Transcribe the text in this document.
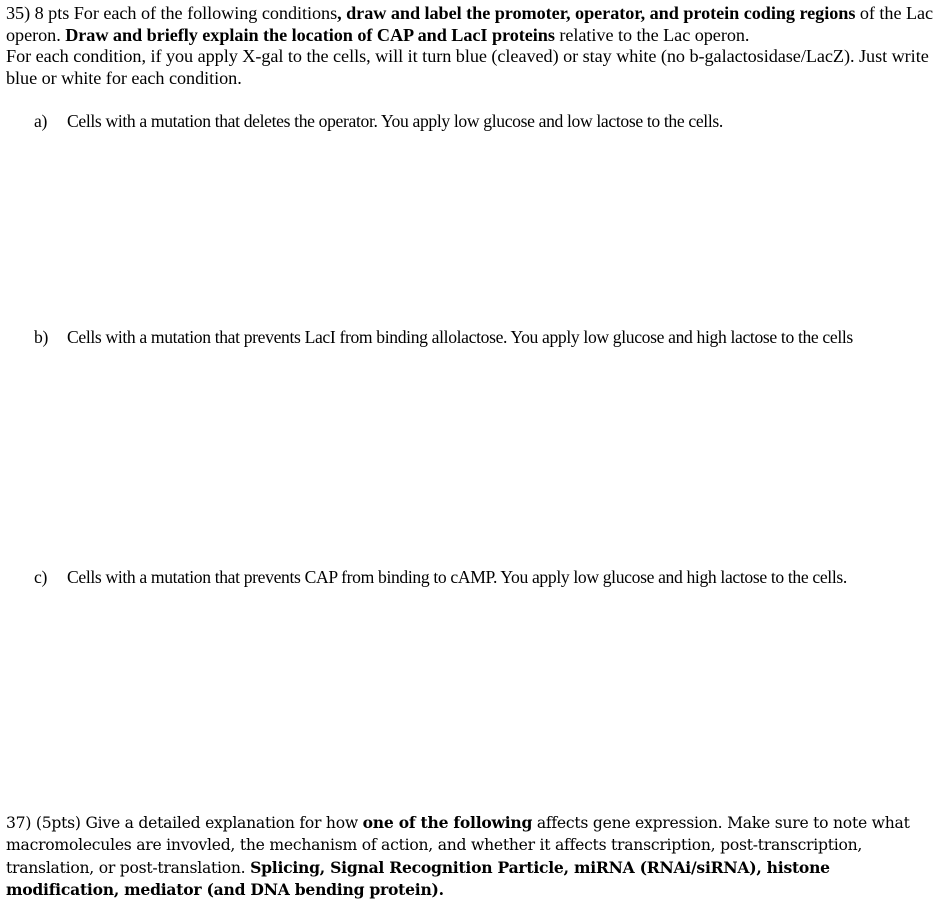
35) 8 pts For each of the following conditions, draw and label the promoter, operator, and protein coding regions of the Lac operon. Draw and briefly explain the location of CAP and LacI proteins relative to the Lac operon.

For each condition, if you apply X-gal to the cells, will it turn blue (cleaved) or stay white (no b-galactosidase/LacZ). Just write blue or white for each condition.

a)	Cells with a mutation that deletes the operator. You apply low glucose and low lactose to the cells.
b)	Cells with a mutation that prevents LacI from binding allolactose. You apply low glucose and high lactose to the cells
c)	Cells with a mutation that prevents CAP from binding to cAMP. You apply low glucose and high lactose to the cells.

37) (5pts) Give a detailed explanation for how one of the following affects gene expression. Make sure to note what macromolecules are invovled, the mechanism of action, and whether it affects transcription, post-transcription, translation, or post-translation. Splicing, Signal Recognition Particle, miRNA (RNAi/siRNA), histone modification, mediator (and DNA bending protein).
